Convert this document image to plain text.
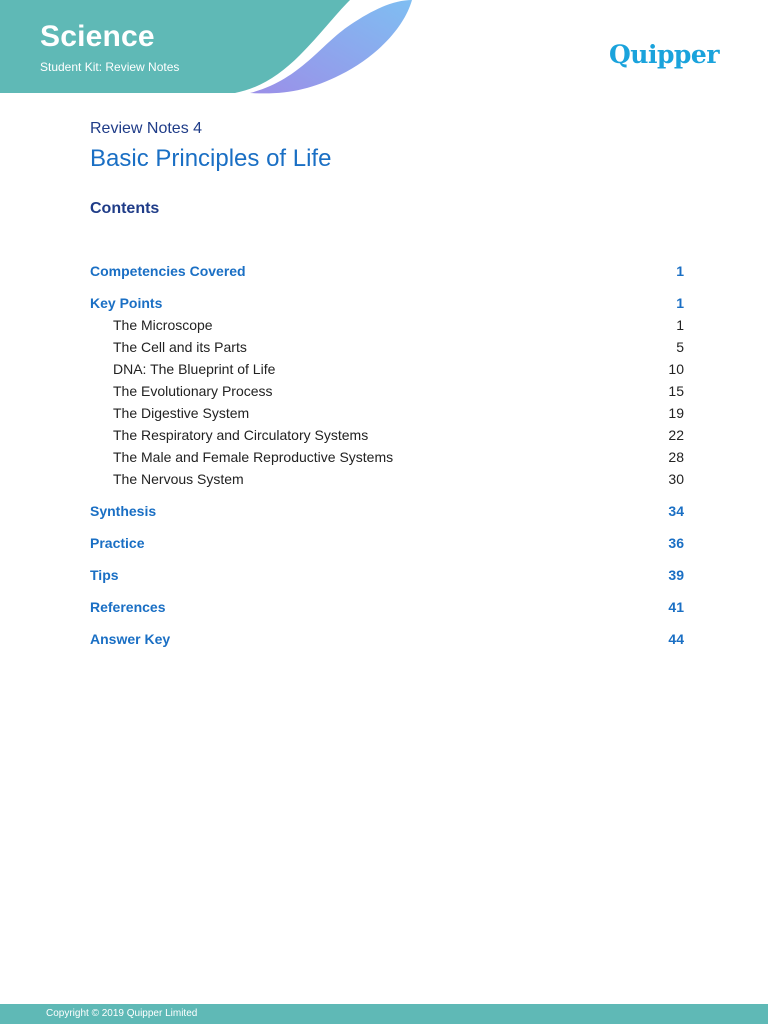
Science
Student Kit: Review Notes	Quipper
Review Notes 4
Basic Principles of Life
Contents
Competencies Covered	1
Key Points	1
The Microscope	1
The Cell and its Parts	5
DNA: The Blueprint of Life	10
The Evolutionary Process	15
The Digestive System	19
The Respiratory and Circulatory Systems	22
The Male and Female Reproductive Systems	28
The Nervous System	30
Synthesis	34
Practice	36
Tips	39
References	41
Answer Key	44
Copyright © 2019 Quipper Limited
